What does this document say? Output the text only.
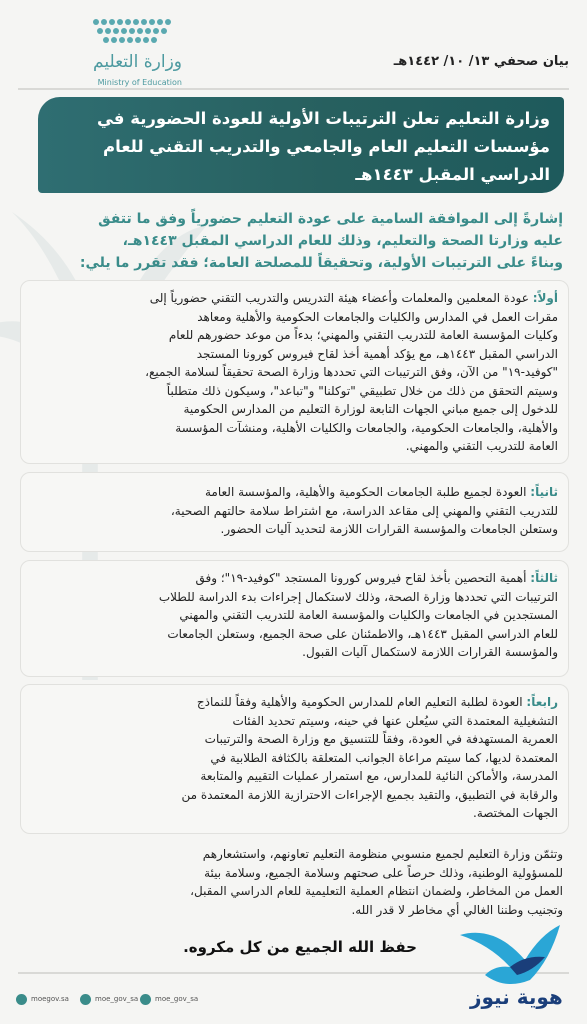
وزارة التعليم
Ministry of Education
بيان صحفي ١٣/ ١٠/ ١٤٤٢هـ
وزارة التعليم تعلن الترتيبات الأولية للعودة الحضورية في
مؤسسات التعليم العام والجامعي والتدريب التقني للعام
الدراسي المقبل ١٤٤٣هـ
إشارةً إلى الموافقة السامية على عودة التعليم حضورياً وفق ما تتفق
عليه وزارتا الصحة والتعليم، وذلك للعام الدراسي المقبل ١٤٤٣هـ،
وبناءً على الترتيبات الأولية، وتحقيقاً للمصلحة العامة؛ فقد تقرر ما يلي:
أولاً: عودة المعلمين والمعلمات وأعضاء هيئة التدريس والتدريب التقني حضورياً إلى
مقرات العمل في المدارس والكليات والجامعات الحكومية والأهلية ومعاهد
وكليات المؤسسة العامة للتدريب التقني والمهني؛ بدءاً من موعد حضورهم للعام
الدراسي المقبل ١٤٤٣هـ، مع يؤكد أهمية أخذ لقاح فيروس كورونا المستجد
"كوفيد-١٩" من الآن، وفق الترتيبات التي تحددها وزارة الصحة تحقيقاً لسلامة الجميع،
وسيتم التحقق من ذلك من خلال تطبيقي "توكلنا" و"تباعد"، وسيكون ذلك متطلباً
للدخول إلى جميع مباني الجهات التابعة لوزارة التعليم من المدارس الحكومية
والأهلية، والجامعات الحكومية، والجامعات والكليات الأهلية، ومنشآت المؤسسة
العامة للتدريب التقني والمهني.
ثانياً: العودة لجميع طلبة الجامعات الحكومية والأهلية، والمؤسسة العامة
للتدريب التقني والمهني إلى مقاعد الدراسة، مع اشتراط سلامة حالتهم الصحية،
وستعلن الجامعات والمؤسسة القرارات اللازمة لتحديد آليات الحضور.
ثالثاً: أهمية التحصين بأخذ لقاح فيروس كورونا المستجد "كوفيد-١٩"؛ وفق
الترتيبات التي تحددها وزارة الصحة، وذلك لاستكمال إجراءات بدء الدراسة للطلاب
المستجدين في الجامعات والكليات والمؤسسة العامة للتدريب التقني والمهني
للعام الدراسي المقبل ١٤٤٣هـ، والاطمئنان على صحة الجميع، وستعلن الجامعات
والمؤسسة القرارات اللازمة لاستكمال آليات القبول.
رابعاً: العودة لطلبة التعليم العام للمدارس الحكومية والأهلية وفقاً للنماذج
التشغيلية المعتمدة التي سيُعلن عنها في حينه، وسيتم تحديد الفئات
العمرية المستهدفة في العودة، وفقاً للتنسيق مع وزارة الصحة والترتيبات
المعتمدة لديها، كما سيتم مراعاة الجوانب المتعلقة بالكثافة الطلابية في
المدرسة، والأماكن النائية للمدارس، مع استمرار عمليات التقييم والمتابعة
والرقابة في التطبيق، والتقيد بجميع الإجراءات الاحترازية اللازمة المعتمدة من
الجهات المختصة.
وتثمّن وزارة التعليم لجميع منسوبي منظومة التعليم تعاونهم، واستشعارهم
للمسؤولية الوطنية، وذلك حرصاً على صحتهم وسلامة الجميع، وسلامة بيئة
العمل من المخاطر، ولضمان انتظام العملية التعليمية للعام الدراسي المقبل،
وتجنيب وطننا الغالي أي مخاطر لا قدر الله.
حفظ الله الجميع من كل مكروه.
moe_gov_sa
moe_gov_sa
moegov.sa	هوية نيوز
